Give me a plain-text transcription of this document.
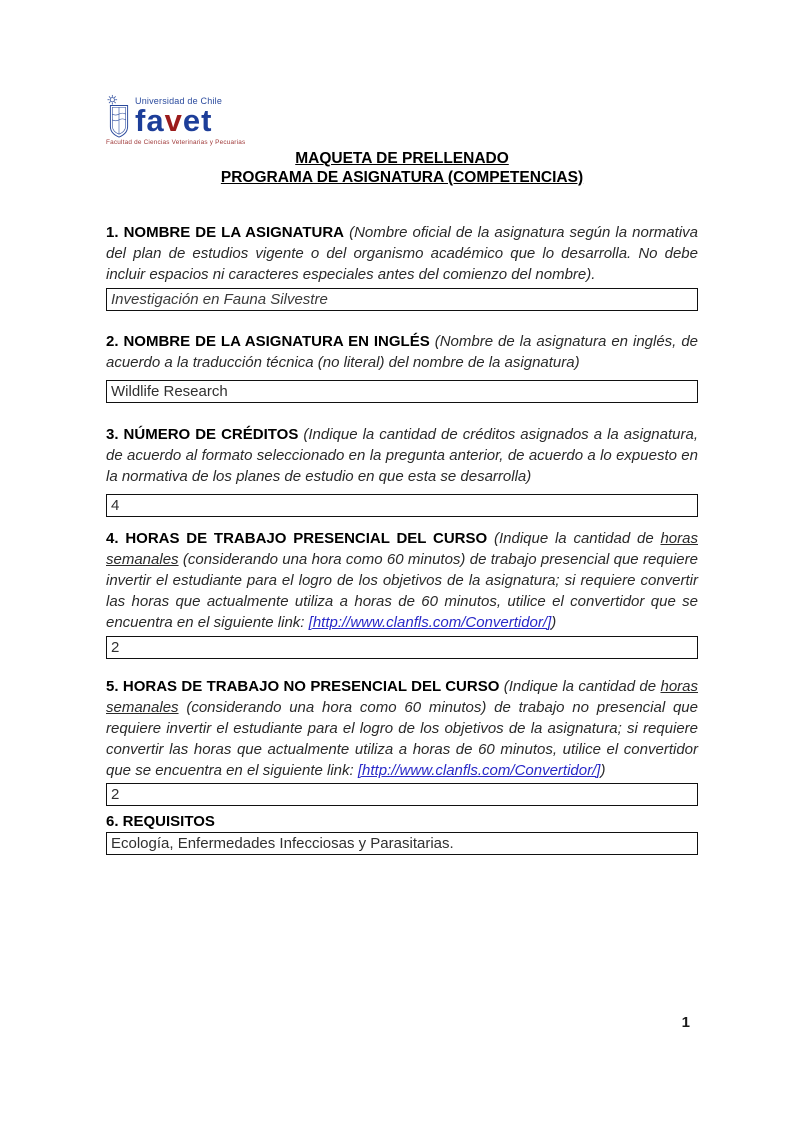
Universidad de Chile
favet
Facultad de Ciencias Veterinarias y Pecuarias
MAQUETA DE PRELLENADO
PROGRAMA DE ASIGNATURA (COMPETENCIAS)

1. NOMBRE DE LA ASIGNATURA (Nombre oficial de la asignatura según la normativa del plan de estudios vigente o del organismo académico que lo desarrolla. No debe incluir espacios ni caracteres especiales antes del comienzo del nombre).

Investigación en Fauna Silvestre

2. NOMBRE DE LA ASIGNATURA EN INGLÉS (Nombre de la asignatura en inglés, de acuerdo a la traducción técnica (no literal) del nombre de la asignatura)

Wildlife Research

3. NÚMERO DE CRÉDITOS (Indique la cantidad de créditos asignados a la asignatura, de acuerdo al formato seleccionado en la pregunta anterior, de acuerdo a lo expuesto en la normativa de los planes de estudio en que esta se desarrolla)

4

4. HORAS DE TRABAJO PRESENCIAL DEL CURSO (Indique la cantidad de horas semanales (considerando una hora como 60 minutos) de trabajo presencial que requiere invertir el estudiante para el logro de los objetivos de la asignatura; si requiere convertir las horas que actualmente utiliza a horas de 60 minutos, utilice el convertidor que se encuentra en el siguiente link: [http://www.clanfls.com/Convertidor/])

2

5. HORAS DE TRABAJO NO PRESENCIAL DEL CURSO (Indique la cantidad de horas semanales (considerando una hora como 60 minutos) de trabajo no presencial que requiere invertir el estudiante para el logro de los objetivos de la asignatura; si requiere convertir las horas que actualmente utiliza a horas de 60 minutos, utilice el convertidor que se encuentra en el siguiente link: [http://www.clanfls.com/Convertidor/])

2

6. REQUISITOS

Ecología, Enfermedades Infecciosas y Parasitarias.
1
